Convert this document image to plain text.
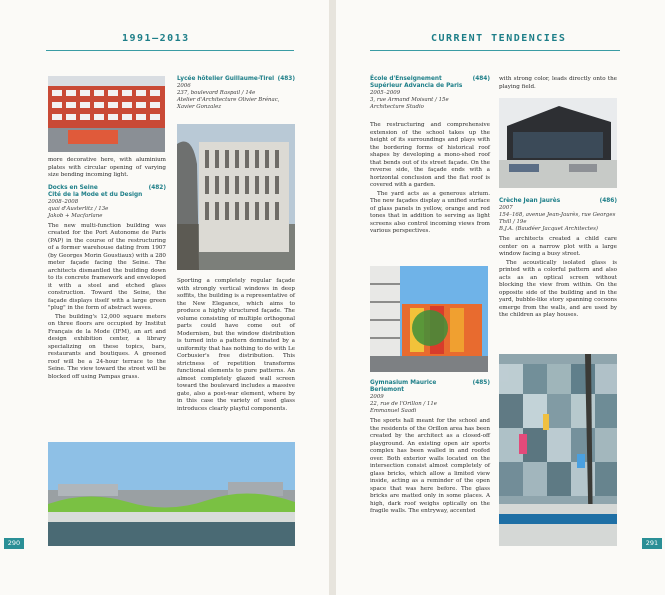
1991–2013

more decorative here, with aluminium plates with circular opening of varying size bending incoming light.

Docks en Seine
Cité de la Mode et du Design
(482)
2008–2008
quai d'Austerlitz / 13e
Jakob + Macfarlane

The new multi-function building was created for the Port Autonome de Paris (PAP) in the course of the restructuring of a former warehouse dating from 1907 (by Georges Morin Goustiaux) with a 280 meter façade facing the Seine. The architects dismantled the building down to its concrete framework and enveloped it with a steel and etched glass construction. Toward the Seine, the façade displays itself with a large green "plug" in the form of abstract waves.

The building's 12,000 square meters on three floors are occupied by Institut Français de la Mode (IFM), an art and design exhibition center, a library specializing on these topics, bars, restaurants and boutiques. A greened roof will be a 24-hour terrace to the Seine. The view toward the street will be blocked off using Pampas grass.

Lycée hôtelier Guillaume-Tirel (483)
2006
237, boulevard Raspail / 14e
Atelier d'Architecture Olivier Brénac, Xavier Gonzalez

Sporting a completely regular façade with strongly vertical windows in deep soffits, the building is a representative of the New Elegance, which aims to produce a highly structured façade. The volume consisting of multiple orthogonal parts could have come out of Modernism, but the window distribution is turned into a pattern dominated by a uniformity that has nothing to do with Le Corbusier's free distribution. This strictness of repetition transforms functional elements to pure patterns. An almost completely glazed wall screen toward the boulevard includes a massive gate, also a post-war element, where by in this case the variety of used glass introduces clearly playful components.

290
CURRENT TENDENCIES
École d'Enseignement Supérieur Advancia de Paris
(484)
2005–2009
3, rue Armand Moisant / 15e
Architecture Studio

The restructuring and comprehensive extension of the school takes up the height of its surroundings and plays with the bordering forms of historical roof shapes by developing a mono-shed roof that bends out of its street façade. On the reverse side, the façade ends with a horizontal conclusion and the flat roof is covered with a garden.

The yard acts as a generous atrium. The new façades display a unified surface of glass panels in yellow, orange and red tones that in addition to serving as light screens also control incoming views from various perspectives.

Gymnasium Maurice Berlemont
(485)
2009
22, rue de l'Orillon / 11e
Emmanuel Saadi

The sports hall meant for the school and the residents of the Orillon area has been created by the architect as a closed-off playground. An existing open air sports complex has been walled in and roofed over. Both exterior walls located on the intersection consist almost completely of glass bricks, which allow a limited view inside, acting as a reminder of the open space that was here before. The glass bricks are matted only in some places. A high, dark roof weighs optically on the fragile walls. The entryway, accented

with strong color, leads directly onto the playing field.

Crèche Jean Jaurès	(486)
2007
154–168, avenue Jean-Jaurès, rue Georges Thill / 19e
B.J.A. (Baudéer Jacquet Architectes)

The architects created a child care center on a narrow plot with a large window facing a busy street.

The acoustically isolated glass is printed with a colorful pattern and also acts as an optical screen without blocking the view from within. On the opposite side of the building and in the yard, bubble-like story spanning cocoons emerge from the walls, and are used by the children as play houses.

291
